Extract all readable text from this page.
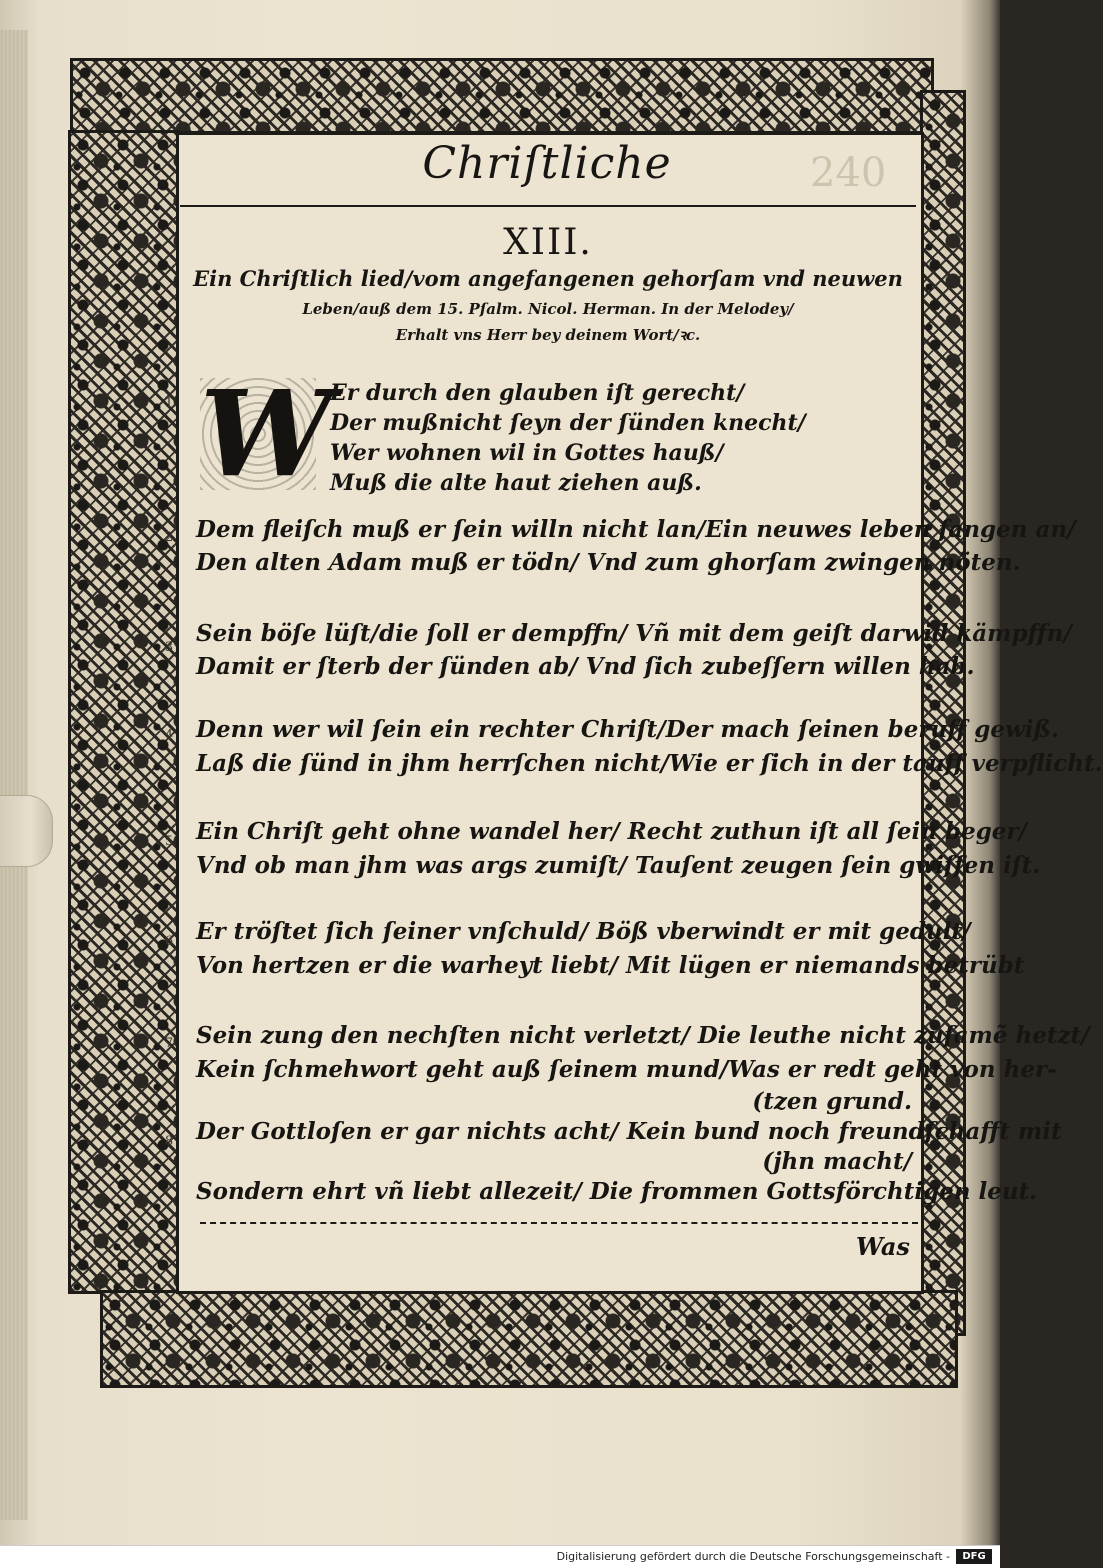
240
Chriſtliche
XIII.
Ein Chriſtlich lied/vom angefangenen gehorſam vnd neuwen
Leben/auß dem 15. Pſalm. Nicol. Herman. In der Melodey/
Erhalt vns Herr bey deinem Wort/ꝛc.
1
2
3
4
5
6
7
8
W
Er durch den glauben iſt gerecht/
Der mußnicht ſeyn der ſünden knecht/
Wer wohnen wil in Gottes hauß/
Muß die alte haut ziehen auß.
Dem fleiſch muß er ſein willn nicht lan/Ein neuwes leben fangen an/
Den alten Adam muß er tödn/ Vnd zum ghorſam zwingen nöten.
Sein böſe lüſt/die ſoll er dempffn/ Vñ mit dem geiſt darwid kämpffn/
Damit er ſterb der ſünden ab/ Vnd ſich zubeſſern willen hab.
Denn wer wil ſein ein rechter Chriſt/Der mach ſeinen beruff gewiß.
Laß die ſünd in jhm herrſchen nicht/Wie er ſich in der tauff verpflicht.
Ein Chriſt geht ohne wandel her/ Recht zuthun iſt all ſein beger/
Vnd ob man jhm was args zumiſt/ Tauſent zeugen ſein gwiſſen iſt.
Er tröſtet ſich ſeiner vnſchuld/ Böß vberwindt er mit gedult/
Von hertzen er die warheyt liebt/ Mit lügen er niemands betrübt
Sein zung den nechſten nicht verletzt/ Die leuthe nicht zuſamẽ hetzt/
Kein ſchmehwort geht auß ſeinem mund/Was er redt geht von her-
(tzen grund.
Der Gottloſen er gar nichts acht/ Kein bund noch freundſchafft mit
(jhn macht/
Sondern ehrt vñ liebt allezeit/ Die frommen Gottsförchtigen leut.
Was
Digitalisierung gefördert durch die Deutsche Forschungsgemeinschaft -	DFG
